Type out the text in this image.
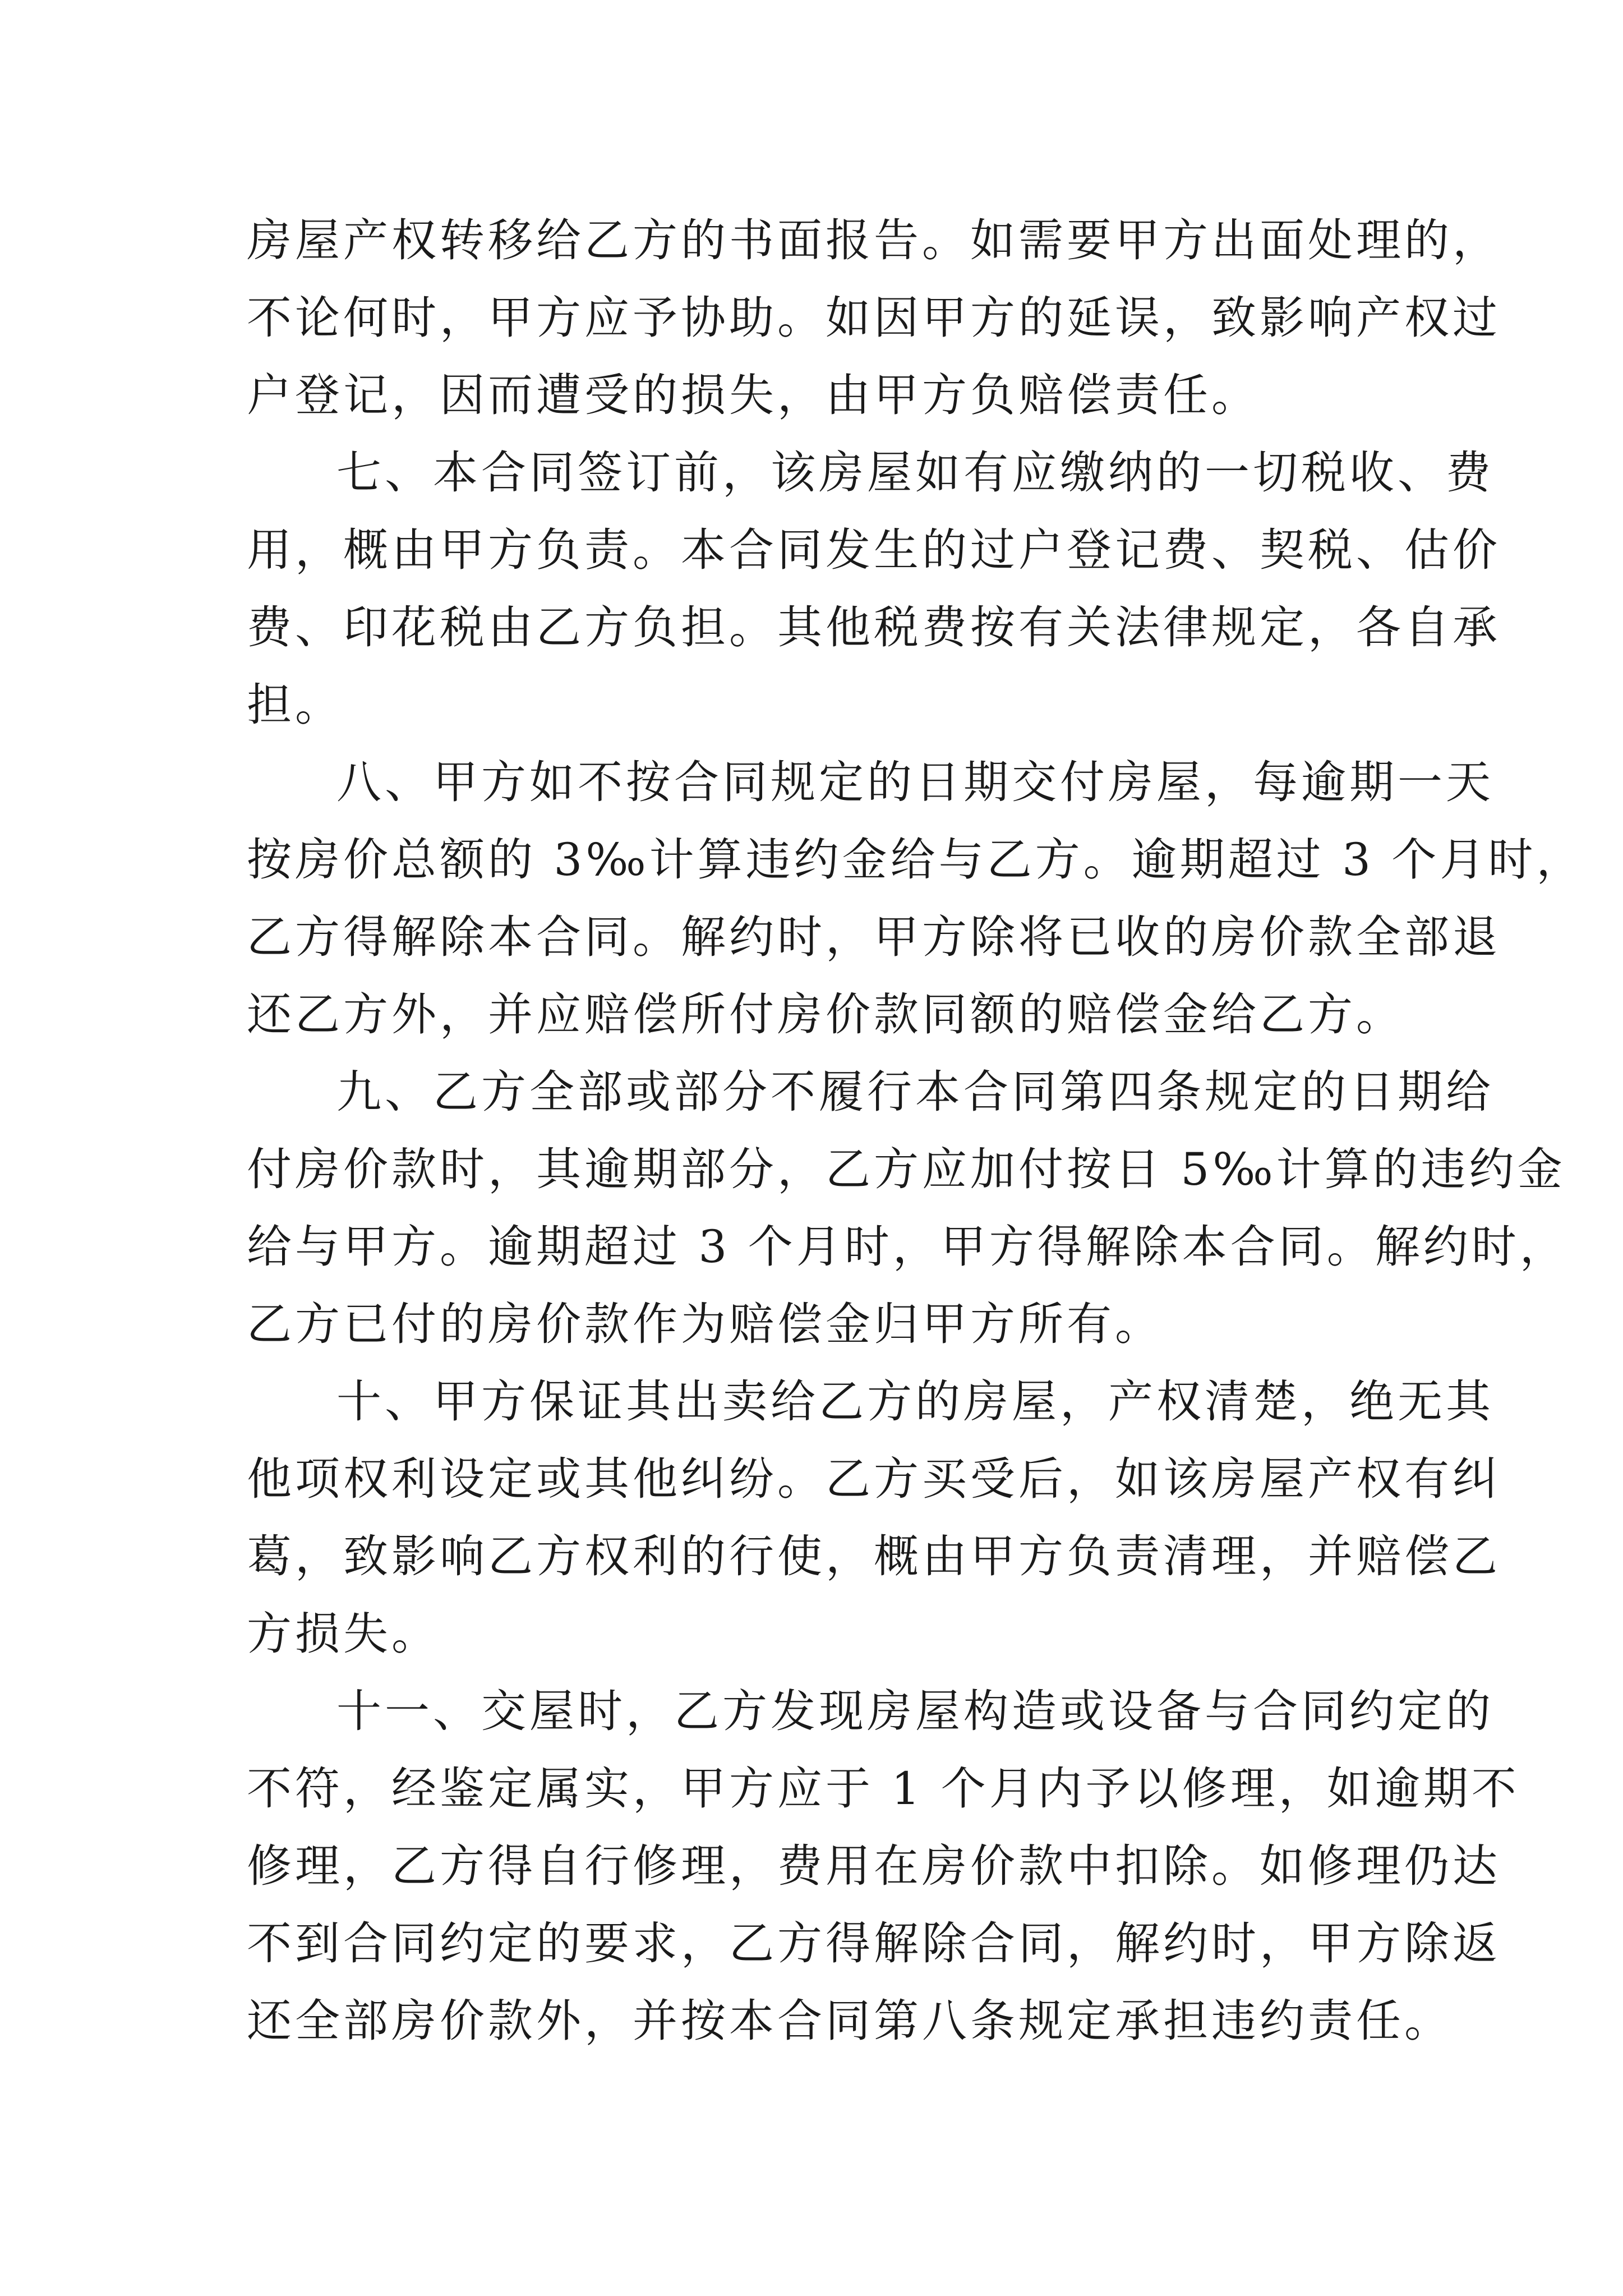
房屋产权转移给乙方的书面报告。如需要甲方出面处理的，
不论何时，甲方应予协助。如因甲方的延误，致影响产权过
户登记，因而遭受的损失，由甲方负赔偿责任。
七、本合同签订前，该房屋如有应缴纳的一切税收、费
用，概由甲方负责。本合同发生的过户登记费、契税、估价
费、印花税由乙方负担。其他税费按有关法律规定，各自承
担。
八、甲方如不按合同规定的日期交付房屋，每逾期一天
按房价总额的 3‰计算违约金给与乙方。逾期超过 3 个月时，
乙方得解除本合同。解约时，甲方除将已收的房价款全部退
还乙方外，并应赔偿所付房价款同额的赔偿金给乙方。
九、乙方全部或部分不履行本合同第四条规定的日期给
付房价款时，其逾期部分，乙方应加付按日 5‰计算的违约金
给与甲方。逾期超过 3 个月时，甲方得解除本合同。解约时，
乙方已付的房价款作为赔偿金归甲方所有。
十、甲方保证其出卖给乙方的房屋，产权清楚，绝无其
他项权利设定或其他纠纷。乙方买受后，如该房屋产权有纠
葛，致影响乙方权利的行使，概由甲方负责清理，并赔偿乙
方损失。
十一、交屋时，乙方发现房屋构造或设备与合同约定的
不符，经鉴定属实，甲方应于 1 个月内予以修理，如逾期不
修理，乙方得自行修理，费用在房价款中扣除。如修理仍达
不到合同约定的要求，乙方得解除合同，解约时，甲方除返
还全部房价款外，并按本合同第八条规定承担违约责任。
